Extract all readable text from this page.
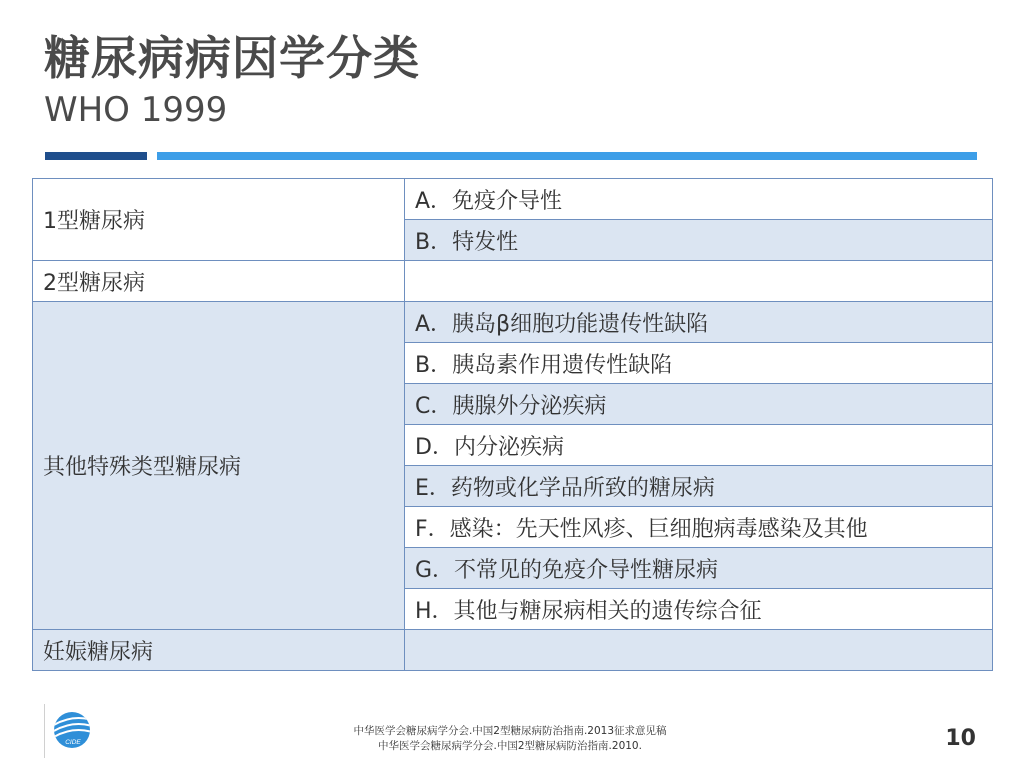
糖尿病病因学分类
WHO 1999
1型糖尿病	A．免疫介导性
	B．特发性
2型糖尿病	
其他特殊类型糖尿病	A．胰岛β细胞功能遗传性缺陷
	B．胰岛素作用遗传性缺陷
	C．胰腺外分泌疾病
	D．内分泌疾病
	E．药物或化学品所致的糖尿病
	F．感染：先天性风疹、巨细胞病毒感染及其他
	G．不常见的免疫介导性糖尿病
	H．其他与糖尿病相关的遗传综合征
妊娠糖尿病	
CIDE
中华医学会糖尿病学分会.中国2型糖尿病防治指南.2013征求意见稿
中华医学会糖尿病学分会.中国2型糖尿病防治指南.2010.	10
